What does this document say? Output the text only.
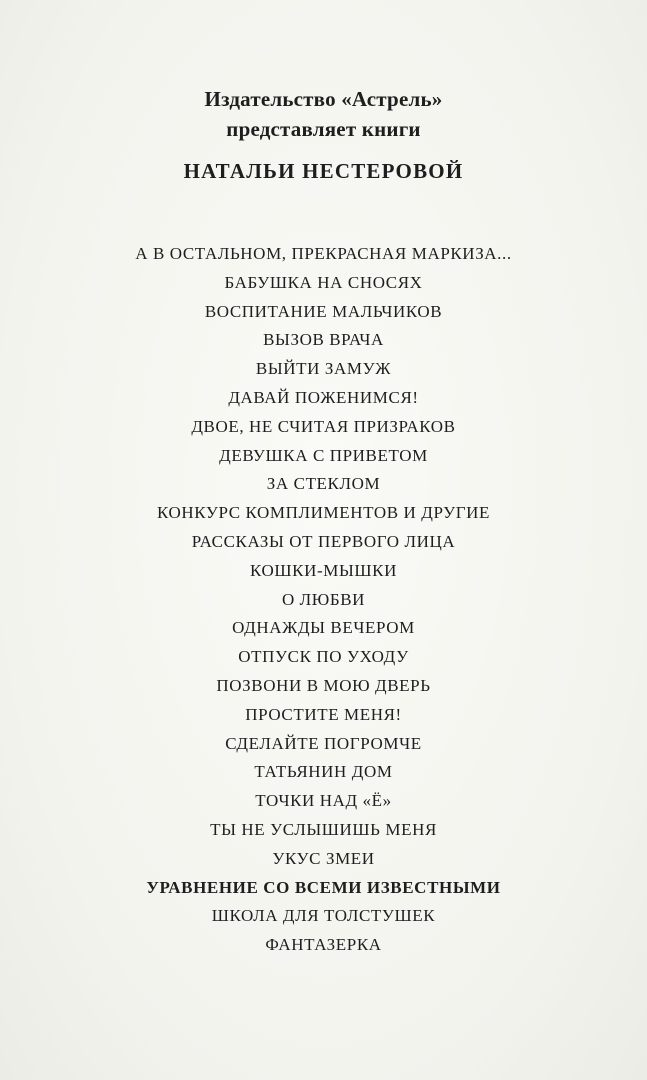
Издательство «Астрель»
представляет книги
НАТАЛЬИ НЕСТЕРОВОЙ
А В ОСТАЛЬНОМ, ПРЕКРАСНАЯ МАРКИЗА...
БАБУШКА НА СНОСЯХ
ВОСПИТАНИЕ МАЛЬЧИКОВ
ВЫЗОВ ВРАЧА
ВЫЙТИ ЗАМУЖ
ДАВАЙ ПОЖЕНИМСЯ!
ДВОЕ, НЕ СЧИТАЯ ПРИЗРАКОВ
ДЕВУШКА С ПРИВЕТОМ
ЗА СТЕКЛОМ
КОНКУРС КОМПЛИМЕНТОВ И ДРУГИЕ
РАССКАЗЫ ОТ ПЕРВОГО ЛИЦА
КОШКИ-МЫШКИ
О ЛЮБВИ
ОДНАЖДЫ ВЕЧЕРОМ
ОТПУСК ПО УХОДУ
ПОЗВОНИ В МОЮ ДВЕРЬ
ПРОСТИТЕ МЕНЯ!
СДЕЛАЙТЕ ПОГРОМЧЕ
ТАТЬЯНИН ДОМ
ТОЧКИ НАД «Ё»
ТЫ НЕ УСЛЫШИШЬ МЕНЯ
УКУС ЗМЕИ
УРАВНЕНИЕ СО ВСЕМИ ИЗВЕСТНЫМИ
ШКОЛА ДЛЯ ТОЛСТУШЕК
ФАНТАЗЕРКА
